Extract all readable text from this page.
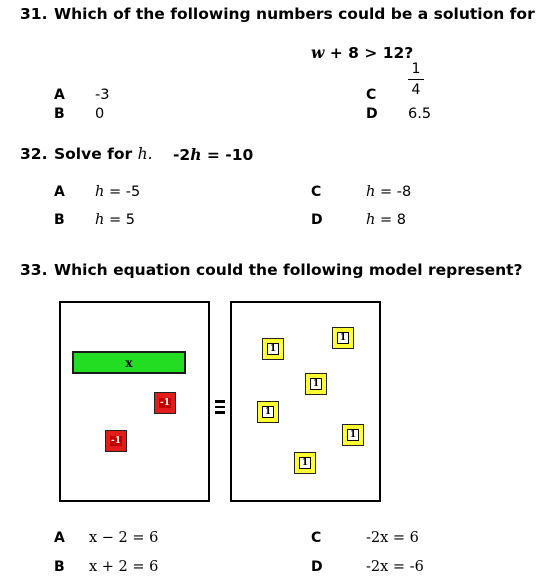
31. Which of the following numbers could be a solution for
w + 8 > 12?
A -3
B 0
C
1
4
D 6.5
32. Solve for h. -2h = -10
A h = -5
B h = 5
C	h = -8
D	h = 8
33. Which equation could the following model represent?
x
-1
-1
1
1
1
1
1
1
A x − 2 = 6
B x + 2 = 6
C	-2x = 6
D	-2x = -6
